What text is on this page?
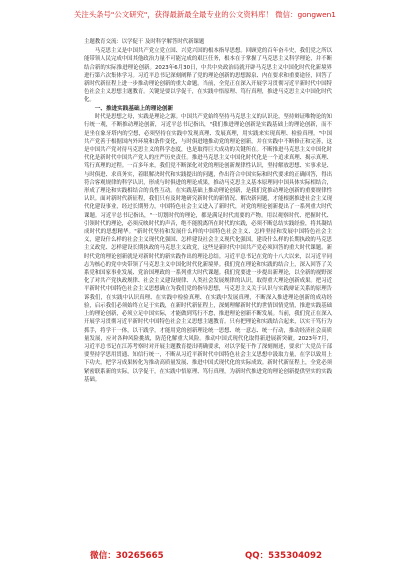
关注头条号"公文研究"，获得最新最全最专业的公文资料库！ 微信：gongwen1

主题教育交流：以学促干 及时科学解答时代新课题

马克思主义是中国共产党立党立国、兴党兴国的根本指导思想。回顾党的百年奋斗史，我们党之所以能带领人民完成中国其他政治力量不可能完成的艰巨任务，根本在于掌握了马克思主义科学理论，并不断结合新的实际推进理论创新。2023年6月30日，中共中央政治局就开辟马克思主义中国化时代化新境界进行第六次集体学习。习近平总书记深刻阐释了党的理论创新的思想源泉、内在要求和重要途径，回答了新时代新征程上进一步推动理论创新的重大命题。当前，全党正在深入开展学习贯彻习近平新时代中国特色社会主义思想主题教育。关键是要以学促干，在实践中悟原理、笃行真理，推进马克思主义中国化时代化。

一、推进实践基础上的理论创新

时代是思想之母，实践是理论之源。中国共产党始终坚持马克思主义的认识论，坚持辩证唯物论的知行统一观，不断推动理论创新，习近平总书记指出，"我们推进理论创新是实践基础上的理论创新，而不是坐在象牙塔内的空想，必须坚持在实践中发现真理、发展真理，用实践来实现真理、检验真理。"中国共产党善于根据国内外环境和条件变化，与时俱进地推动党的理论创新，并在实践中不断修正和完善，这是中国共产党对待马克思主义的科学态度，也是取得巨大成功的关键所在。不断推进马克思主义中国化时代化是新时代中国共产党人的庄严历史责任。推进马克思主义中国化时代化是一个追求真理、揭示真理、笃行真理的过程。一百多年来，我们党不断深化对党的理论创新规律性认识，坚持解放思想、实事求是、与时俱进、求真务实，着眼解决时代和实践提出的问题，作出符合中国实际和时代要求的正确回答，得出符合客观规律的科学认识，形成与时俱进的理论成果，推动马克思主义基本原理同中国具体实际相结合，形成了理论和实践相结合的良性互动。在实践基础上推动理论创新，是我们党推动理论创新的重要规律性认识。面对新时代新征程，我们只有及时地研究新时代的新情况、解决新问题，才能根据推进社会主义现代化建设事业，经过长期努力，中国特色社会主义进入了新时代，对党的理论创新提出了一系列重大时代课题。习近平总书记指出，"一切划时代的理论，都是满足时代需要的产物。用以观察时代、把握时代、引领时代的理论，必须反映时代的声音，绝不能脱离所在时代的实践，必须不断总结实践经验，将其凝结成时代的思想精华。"新时代坚持和发展什么样的中国特色社会主义、怎样坚持和发展中国特色社会主义，建设什么样的社会主义现代化强国、怎样建设社会主义现代化强国，建设什么样的长期执政的马克思主义政党、怎样建设长期执政的马克思主义政党，这些是新时代中国共产党必须回答的重大时代课题。新时代党的理论创新就是对新时代的新实践作出的理论总结。习近平总书记在党的十八大以来，以习近平同志为核心的党中央带领了马克思主义中国化时代化新境界。我们党在理论和实践的结合上，深入回答了关系党和国家事业发展、党治国理政的一系列重大时代课题。我们党要进一步提出新理论，以全新的视野深化了对共产党执政规律、社会主义建设规律、人类社会发展规律的认识，取得重大理论创新成果。把习近平新时代中国特色社会主义思想确立为我们党的指导思想，马克思主义关于认识与实践辩证关系的原理告诉我们，在实践中认识真理、在实践中检验真理、在实践中发展真理，不断深入推进理论创新的成功经验，启示我们必须始终立足于实践，在新时代新征程上，深刻理解新时代的世情国情党情，推进实践基础上的理论创新，必须立足中国实际，才能做到笃行不怠，推进理论创新不断发展。当前，我们党正在深入开展学习贯彻习近平新时代中国特色社会主义思想主题教育。只有把理论和实践结合起来，以实干笃行为抓手，将学干一体，以干践学，才能用党的创新理论统一思想、统一意志、统一行动，推动经济社会高质量发展，应对各种风险挑战，防范化解重大风险。推动中国式现代化取得新进展新突破。2023年7月，习近平总书记在江苏考察时对开展主题教育提出明确要求，对以学促干作了深刻阐述，要求广大党员干部要坚持学思用贯通、知信行统一，不断从习近平新时代中国特色社会主义思想中汲取力量，在学以致用上下功夫，把学习成果转化为推动高质量发展、推进中国式现代化的实际成效。新时代新征程上，全党必须紧密联系新的实际，以学促干，在实践中悟原理、笃行真理，为新时代推进党的理论创新提供坚实的实践基础。

微信：30265665	QQ：535304092
